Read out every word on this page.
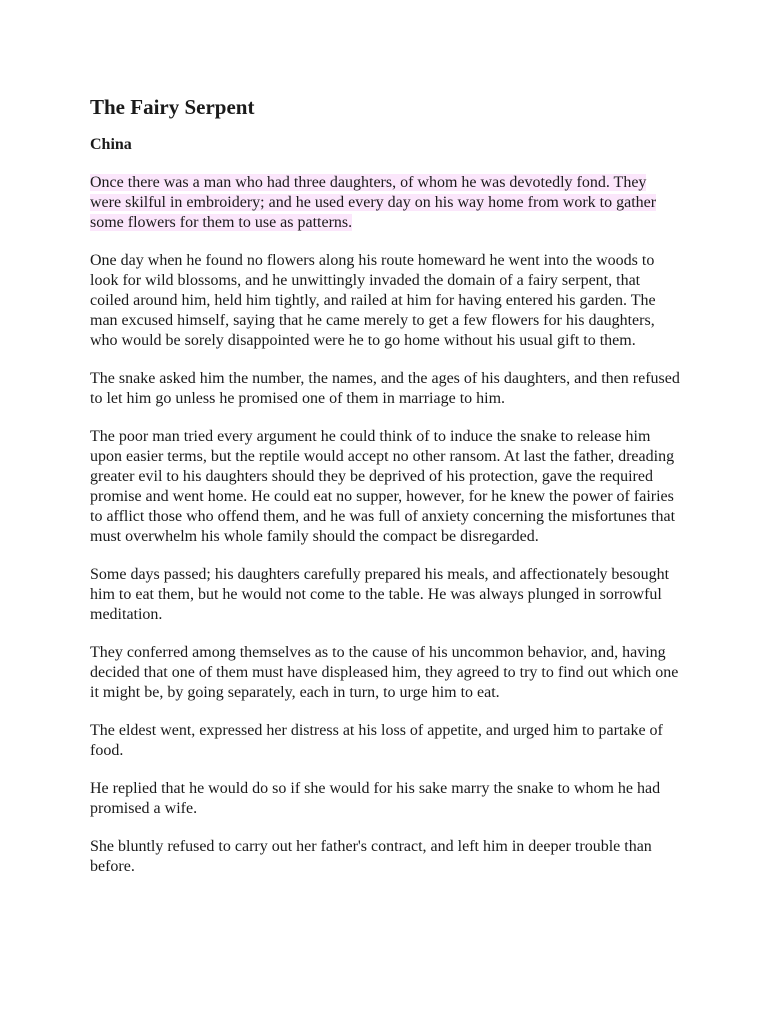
The Fairy Serpent
China

Once there was a man who had three daughters, of whom he was devotedly fond. They were skilful in embroidery; and he used every day on his way home from work to gather some flowers for them to use as patterns.

One day when he found no flowers along his route homeward he went into the woods to look for wild blossoms, and he unwittingly invaded the domain of a fairy serpent, that coiled around him, held him tightly, and railed at him for having entered his garden. The man excused himself, saying that he came merely to get a few flowers for his daughters, who would be sorely disappointed were he to go home without his usual gift to them.

The snake asked him the number, the names, and the ages of his daughters, and then refused to let him go unless he promised one of them in marriage to him.

The poor man tried every argument he could think of to induce the snake to release him upon easier terms, but the reptile would accept no other ransom. At last the father, dreading greater evil to his daughters should they be deprived of his protection, gave the required promise and went home. He could eat no supper, however, for he knew the power of fairies to afflict those who offend them, and he was full of anxiety concerning the misfortunes that must overwhelm his whole family should the compact be disregarded.

Some days passed; his daughters carefully prepared his meals, and affectionately besought him to eat them, but he would not come to the table. He was always plunged in sorrowful meditation.

They conferred among themselves as to the cause of his uncommon behavior, and, having decided that one of them must have displeased him, they agreed to try to find out which one it might be, by going separately, each in turn, to urge him to eat.

The eldest went, expressed her distress at his loss of appetite, and urged him to partake of food.

He replied that he would do so if she would for his sake marry the snake to whom he had promised a wife.

She bluntly refused to carry out her father's contract, and left him in deeper trouble than before.
